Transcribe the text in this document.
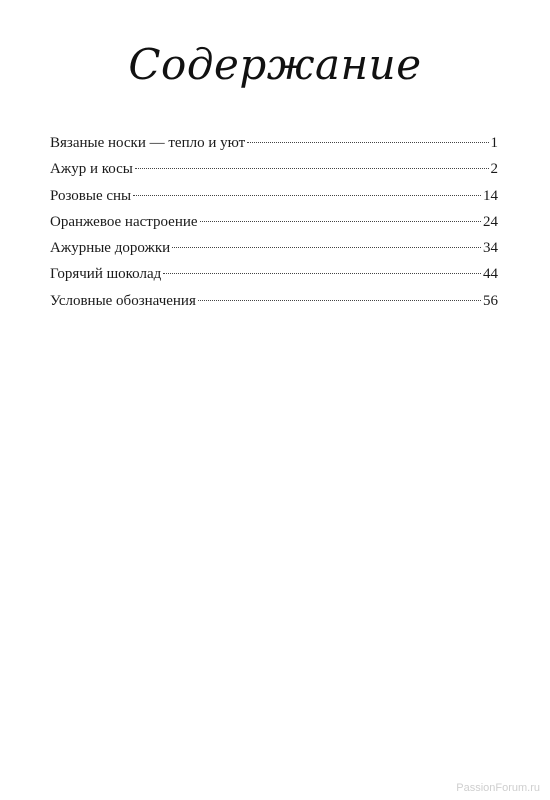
Содержание
Вязаные носки — тепло и уют	1
Ажур и косы	2
Розовые сны	14
Оранжевое настроение	24
Ажурные дорожки	34
Горячий шоколад	44
Условные обозначения	56
PassionForum.ru
